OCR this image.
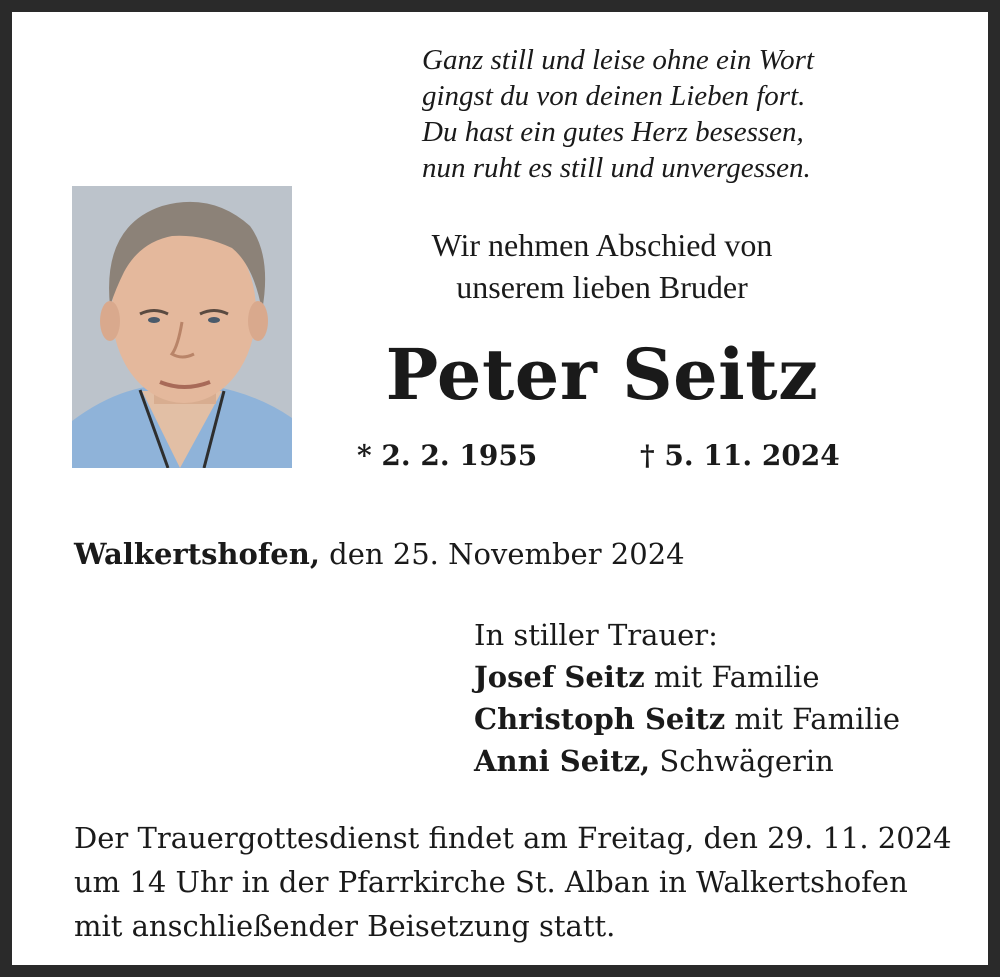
Ganz still und leise ohne ein Wort
gingst du von deinen Lieben fort.
Du hast ein gutes Herz besessen,
nun ruht es still und unvergessen.
Wir nehmen Abschied von
unserem lieben Bruder
Peter Seitz
* 2. 2. 1955	† 5. 11. 2024
Walkertshofen, den 25. November 2024
In stiller Trauer:
Josef Seitz mit Familie
Christoph Seitz mit Familie
Anni Seitz, Schwägerin
Der Trauergottesdienst findet am Freitag, den 29. 11. 2024
um 14 Uhr in der Pfarrkirche St. Alban in Walkertshofen
mit anschließender Beisetzung statt.
